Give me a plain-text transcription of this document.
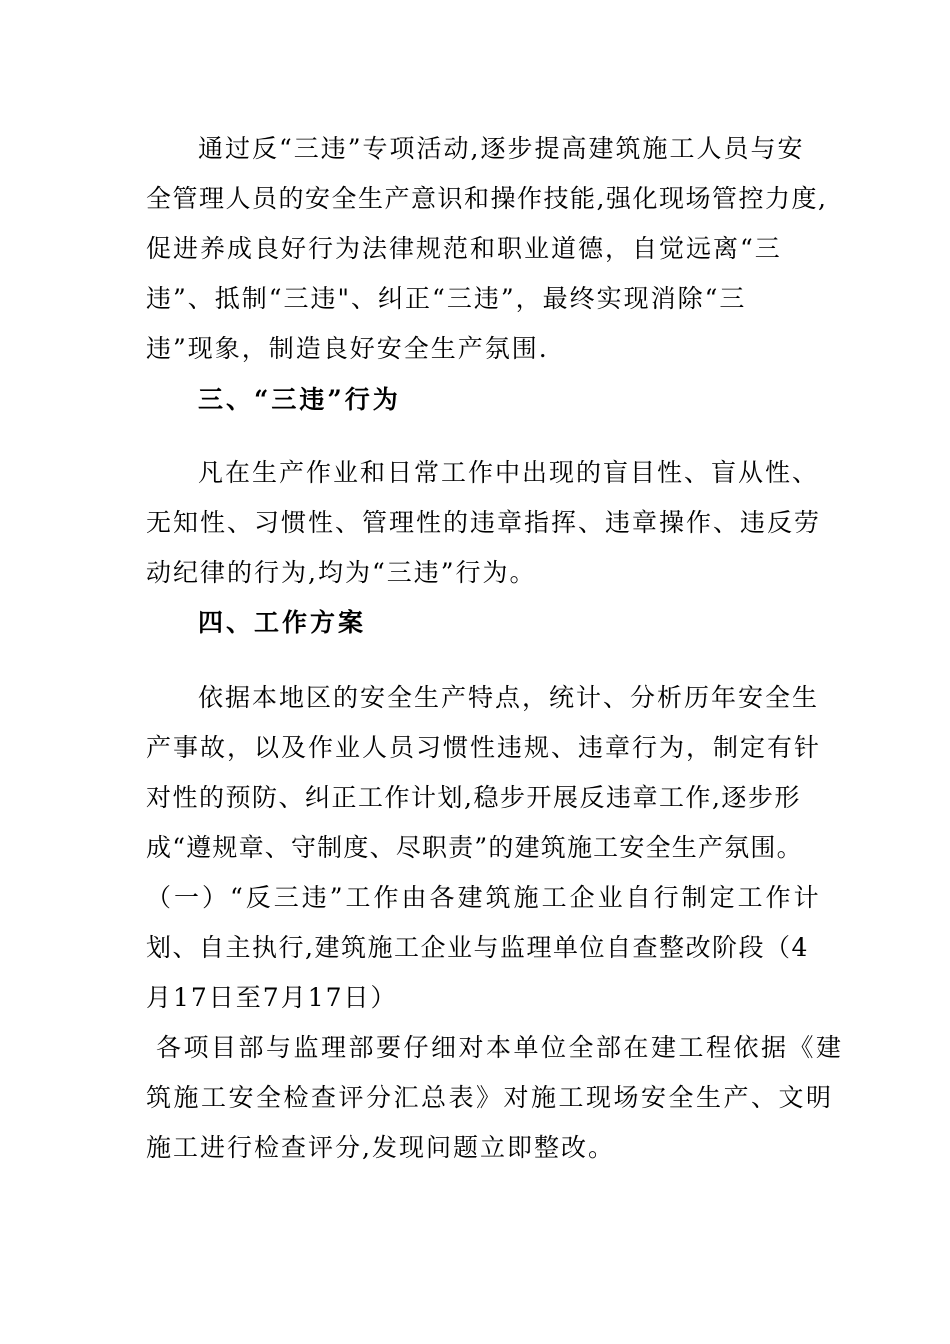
通过反“三违”专项活动,逐步提高建筑施工人员与安
全管理人员的安全生产意识和操作技能,强化现场管控力度,
促进养成良好行为法律规范和职业道德，自觉远离“三
违”、抵制“三违"、纠正“三违”，最终实现消除“三
违”现象，制造良好安全生产氛围.
三、“三违”行为
凡在生产作业和日常工作中出现的盲目性、盲从性、
无知性、习惯性、管理性的违章指挥、违章操作、违反劳
动纪律的行为,均为“三违”行为。
四、工作方案
依据本地区的安全生产特点，统计、分析历年安全生
产事故，以及作业人员习惯性违规、违章行为，制定有针
对性的预防、纠正工作计划,稳步开展反违章工作,逐步形
成“遵规章、守制度、尽职责”的建筑施工安全生产氛围。
（一）“反三违”工作由各建筑施工企业自行制定工作计
划、自主执行,建筑施工企业与监理单位自查整改阶段（4
月17日至7月17日）
各项目部与监理部要仔细对本单位全部在建工程依据《建
筑施工安全检查评分汇总表》对施工现场安全生产、文明
施工进行检查评分,发现问题立即整改。
